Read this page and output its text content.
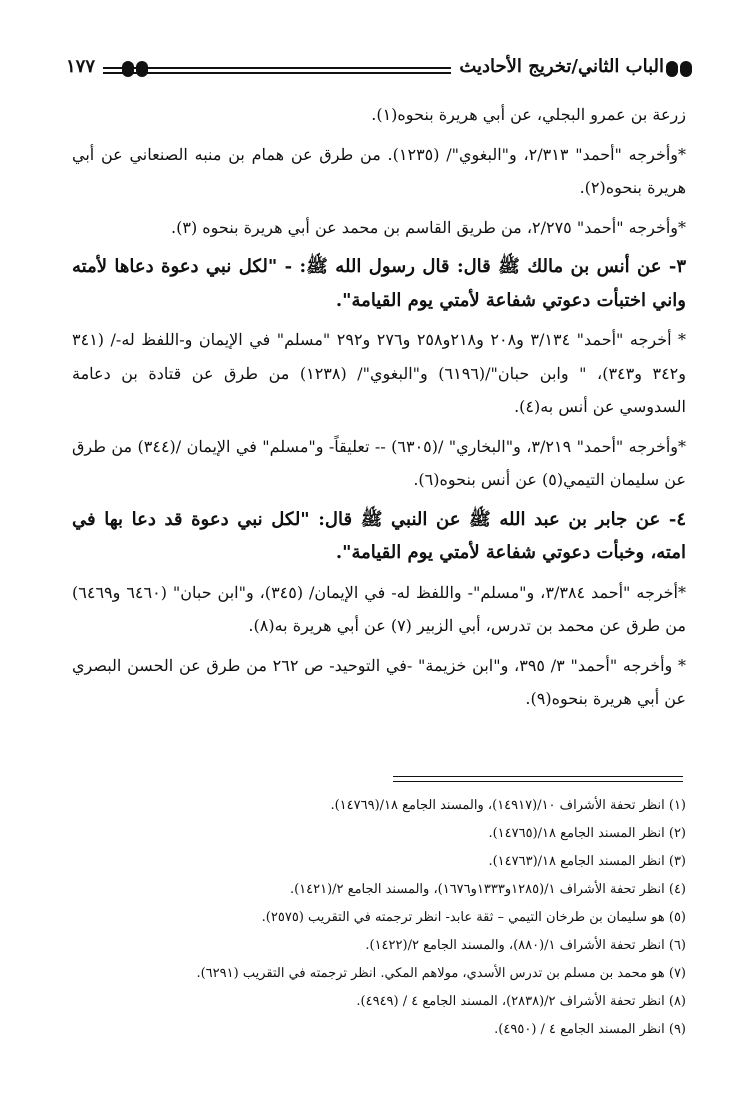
الباب الثاني/تخريج الأحاديث
١٧٧

زرعة بن عمرو البجلي، عن أبي هريرة بنحوه(١).

*وأخرجه "أحمد" ٢/٣١٣، و"البغوي"/ (١٢٣٥). من طرق عن همام بن منبه الصنعاني عن أبي هريرة بنحوه(٢).

*وأخرجه "أحمد" ٢/٢٧٥، من طريق القاسم بن محمد عن أبي هريرة بنحوه (٣).

٣- عن أنس بن مالك ﷺ قال: قال رسول الله ﷺ: - "لكل نبي دعوة دعاها لأمته واني اختبأت دعوتي شفاعة لأمتي يوم القيامة".

* أخرجه "أحمد" ٣/١٣٤ و٢٠٨ و٢١٨و٢٥٨ و٢٧٦ و٢٩٢ "مسلم" في الإيمان و-اللفظ له-/ (٣٤١ و٣٤٢ و٣٤٣)، " وابن حبان"/(٦١٩٦) و"البغوي"/ (١٢٣٨) من طرق عن قتادة بن دعامة السدوسي عن أنس به(٤).

*وأخرجه "أحمد" ٣/٢١٩، و"البخاري" /(٦٣٠٥) -- تعليقاً- و"مسلم" في الإيمان /(٣٤٤) من طرق عن سليمان التيمي(٥) عن أنس بنحوه(٦).

٤- عن جابر بن عبد الله ﷺ عن النبي ﷺ قال: "لكل نبي دعوة قد دعا بها في امته، وخبأت دعوتي شفاعة لأمتي يوم القيامة".

*أخرجه "أحمد ٣/٣٨٤، و"مسلم"- واللفظ له- في الإيمان/ (٣٤٥)، و"ابن حبان" (٦٤٦٠ و٦٤٦٩) من طرق عن محمد بن تدرس، أبي الزبير (٧) عن أبي هريرة به(٨).

* وأخرجه "أحمد" ٣/ ٣٩٥، و"ابن خزيمة" -في التوحيد- ص ٢٦٢ من طرق عن الحسن البصري عن أبي هريرة بنحوه(٩).

(١) انظر تحفة الأشراف ١٠/(١٤٩١٧)، والمسند الجامع ١٨/(١٤٧٦٩).
(٢) انظر المسند الجامع ١٨/(١٤٧٦٥).
(٣) انظر المسند الجامع ١٨/(١٤٧٦٣).
(٤) انظر تحفة الأشراف ١/(١٢٨٥و١٣٣٣و١٦٧٦)، والمسند الجامع ٢/(١٤٢١).
(٥) هو سليمان بن طرخان التيمي – ثقة عابد- انظر ترجمته في التقريب (٢٥٧٥).
(٦) انظر تحفة الأشراف ١/(٨٨٠)، والمسند الجامع ٢/(١٤٢٢).
(٧) هو محمد بن مسلم بن تدرس الأسدي، مولاهم المكي. انظر ترجمته في التقريب (٦٢٩١).
(٨) انظر تحفة الأشراف ٢/(٢٨٣٨)، المسند الجامع ٤ / (٤٩٤٩).
(٩) انظر المسند الجامع ٤ / (٤٩٥٠).
